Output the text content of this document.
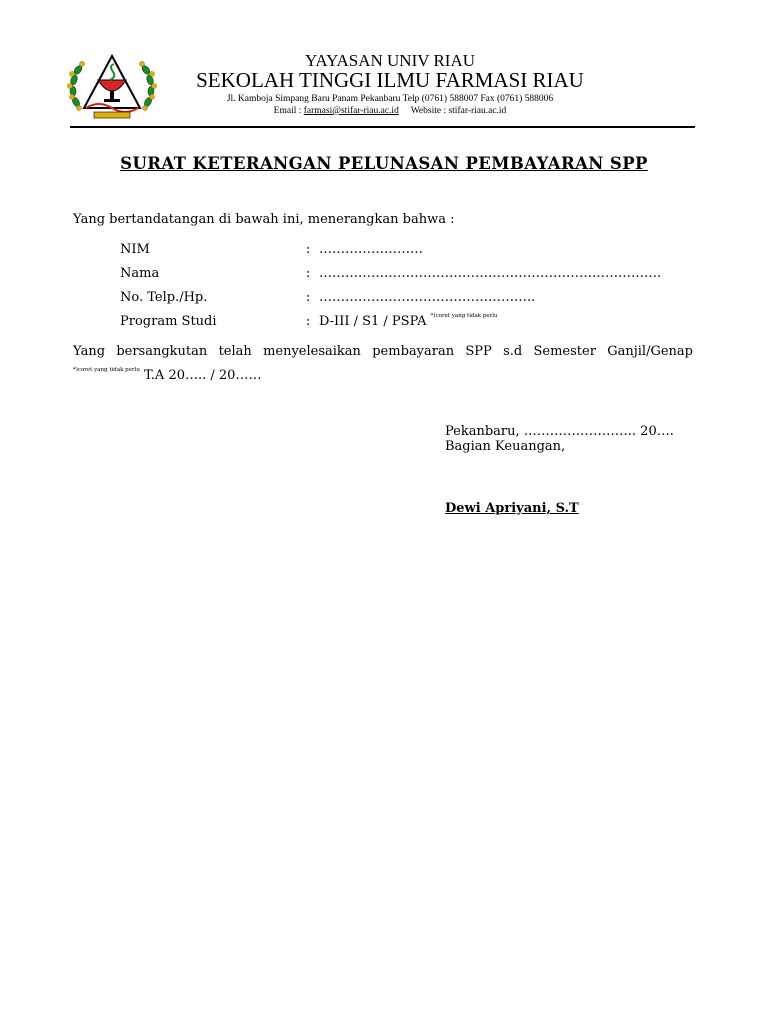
YAYASAN UNIV RIAU
SEKOLAH TINGGI ILMU FARMASI RIAU
Jl. Kamboja Simpang Baru Panam Pekanbaru Telp (0761) 588007 Fax (0761) 588006
Email : farmasi@stifar-riau.ac.id Website : stifar-riau.ac.id
SURAT KETERANGAN PELUNASAN PEMBAYARAN SPP
Yang bertandatangan di bawah ini, menerangkan bahwa :
NIM	: ……………………
Nama	: …………………………………………………………………….
No. Telp./Hp.	: …………………………………………..
Program Studi	: D-III / S1 / PSPA $^{*)coret yang tidak perlu}$
Yang bersangkutan telah menyelesaikan pembayaran SPP s.d Semester Ganjil/Genap
$^{*)coret yang tidak perlu}$ T.A 20….. / 20……
Pekanbaru, …………………….. 20….
Bagian Keuangan,
Dewi Apriyani, S.T
